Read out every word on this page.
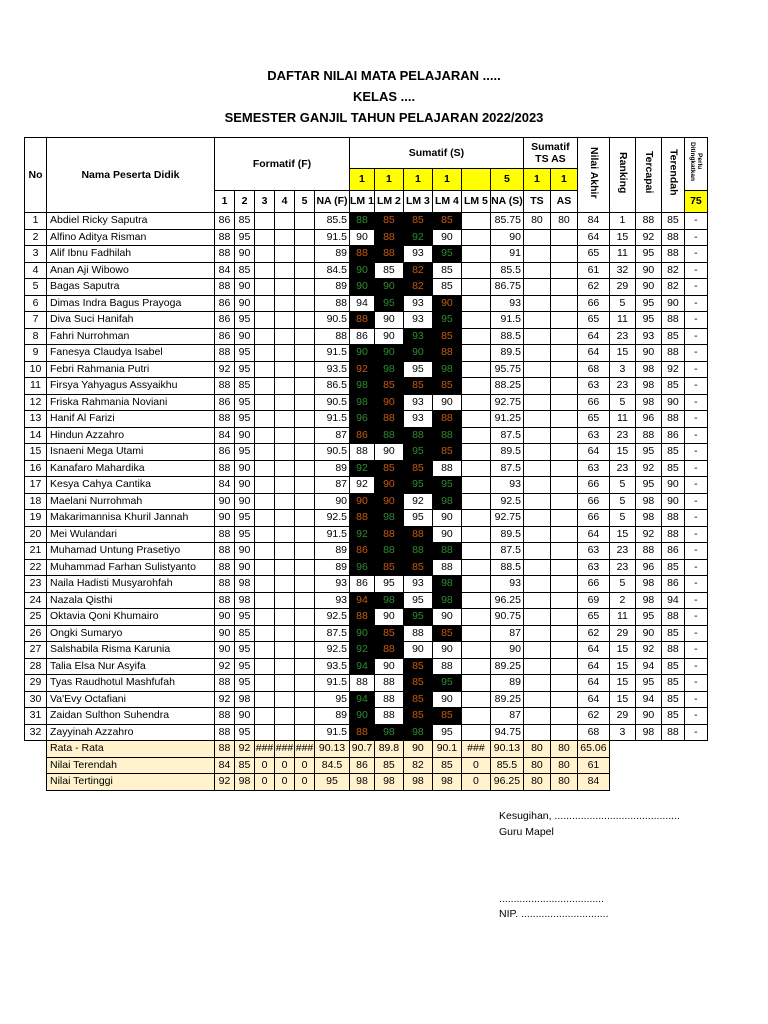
DAFTAR NILAI MATA PELAJARAN .....
KELAS ....
SEMESTER GANJIL TAHUN PELAJARAN 2022/2023
No	Nama Peserta Didik	Formatif (F)						Sumatif (S)						Sumatif TS AS		Nilai Akhir	Ranking	Tercapai	Terendah	Perlu Ditingkatkan
								1	1	1	1		5	1	1					
		1	2	3	4	5	NA (F)	LM 1	LM 2	LM 3	LM 4	LM 5	NA (S)	TS	AS					75
1	Abdiel Ricky Saputra	86	85				85.5	88	85	85	85		85.75	80	80	84	1	88	85	-
2	Alfino Aditya Risman	88	95				91.5	90	88	92	90		90			64	15	92	88	-
3	Alif Ibnu Fadhilah	88	90				89	88	88	93	95		91			65	11	95	88	-
4	Anan Aji Wibowo	84	85				84.5	90	85	82	85		85.5			61	32	90	82	-
5	Bagas Saputra	88	90				89	90	90	82	85		86.75			62	29	90	82	-
6	Dimas Indra Bagus Prayoga	86	90				88	94	95	93	90		93			66	5	95	90	-
7	Diva Suci Hanifah	86	95				90.5	88	90	93	95		91.5			65	11	95	88	-
8	Fahri Nurrohman	86	90				88	86	90	93	85		88.5			64	23	93	85	-
9	Fanesya Claudya Isabel	88	95				91.5	90	90	90	88		89.5			64	15	90	88	-
10	Febri Rahmania Putri	92	95				93.5	92	98	95	98		95.75			68	3	98	92	-
11	Firsya Yahyagus Assyaikhu	88	85				86.5	98	85	85	85		88.25			63	23	98	85	-
12	Friska Rahmania Noviani	86	95				90.5	98	90	93	90		92.75			66	5	98	90	-
13	Hanif Al Farizi	88	95				91.5	96	88	93	88		91.25			65	11	96	88	-
14	Hindun Azzahro	84	90				87	86	88	88	88		87.5			63	23	88	86	-
15	Isnaeni Mega Utami	86	95				90.5	88	90	95	85		89.5			64	15	95	85	-
16	Kanafaro Mahardika	88	90				89	92	85	85	88		87.5			63	23	92	85	-
17	Kesya Cahya Cantika	84	90				87	92	90	95	95		93			66	5	95	90	-
18	Maelani Nurrohmah	90	90				90	90	90	92	98		92.5			66	5	98	90	-
19	Makarimannisa Khuril Jannah	90	95				92.5	88	98	95	90		92.75			66	5	98	88	-
20	Mei Wulandari	88	95				91.5	92	88	88	90		89.5			64	15	92	88	-
21	Muhamad Untung Prasetiyo	88	90				89	86	88	88	88		87.5			63	23	88	86	-
22	Muhammad Farhan Sulistyanto	88	90				89	96	85	85	88		88.5			63	23	96	85	-
23	Naila Hadisti Musyarohfah	88	98				93	86	95	93	98		93			66	5	98	86	-
24	Nazala Qisthi	88	98				93	94	98	95	98		96.25			69	2	98	94	-
25	Oktavia Qoni Khumairo	90	95				92.5	88	90	95	90		90.75			65	11	95	88	-
26	Ongki Sumaryo	90	85				87.5	90	85	88	85		87			62	29	90	85	-
27	Salshabila Risma Karunia	90	95				92.5	92	88	90	90		90			64	15	92	88	-
28	Talia Elsa Nur Asyifa	92	95				93.5	94	90	85	88		89.25			64	15	94	85	-
29	Tyas Raudhotul Mashfufah	88	95				91.5	88	88	85	95		89			64	15	95	85	-
30	Va'Evy Octafiani	92	98				95	94	88	85	90		89.25			64	15	94	85	-
31	Zaidan Sulthon Suhendra	88	90				89	90	88	85	85		87			62	29	90	85	-
32	Zayyinah Azzahro	88	95				91.5	88	98	98	95		94.75			68	3	98	88	-
	Rata - Rata	88	92	###	###	###	90.13	90.7	89.8	90	90.1	###	90.13	80	80	65.06				
	Nilai Terendah	84	85	0	0	0	84.5	86	85	82	85	0	85.5	80	80	61				
	Nilai Tertinggi	92	98	0	0	0	95	98	98	98	98	0	96.25	80	80	84				
Kesugihan, ...........................................
Guru Mapel
....................................
NIP. ..............................
